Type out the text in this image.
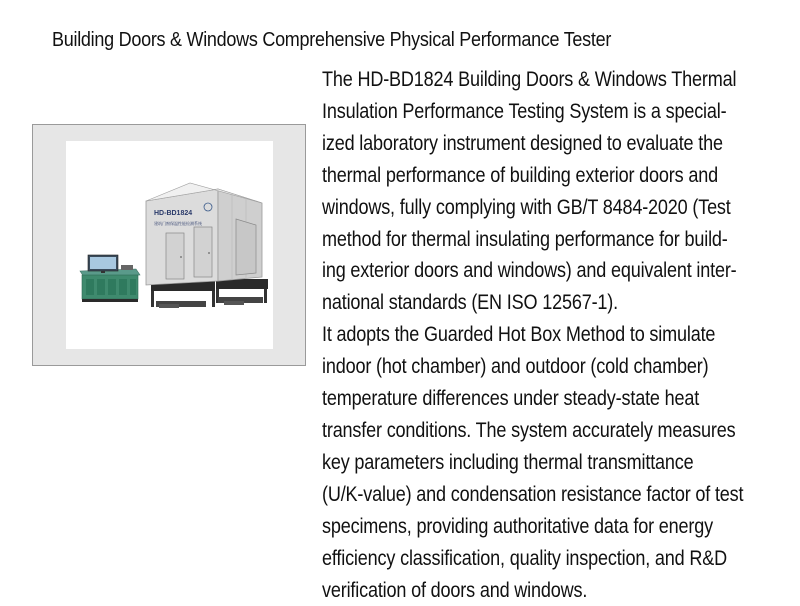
Building Doors & Windows Comprehensive Physical Performance Tester
HD-BD1824
建筑门窗保温性能检测系统
The HD-BD1824 Building Doors & Windows Thermal
Insulation Performance Testing System is a special-
ized laboratory instrument designed to evaluate the
thermal performance of building exterior doors and
windows, fully complying with GB/T 8484-2020 (Test
method for thermal insulating performance for build-
ing exterior doors and windows) and equivalent inter-
national standards (EN ISO 12567-1).
It adopts the Guarded Hot Box Method to simulate
indoor (hot chamber) and outdoor (cold chamber)
temperature differences under steady-state heat
transfer conditions. The system accurately measures
key parameters including thermal transmittance
(U/K-value) and condensation resistance factor of test
specimens, providing authoritative data for energy
efficiency classification, quality inspection, and R&D
verification of doors and windows.
